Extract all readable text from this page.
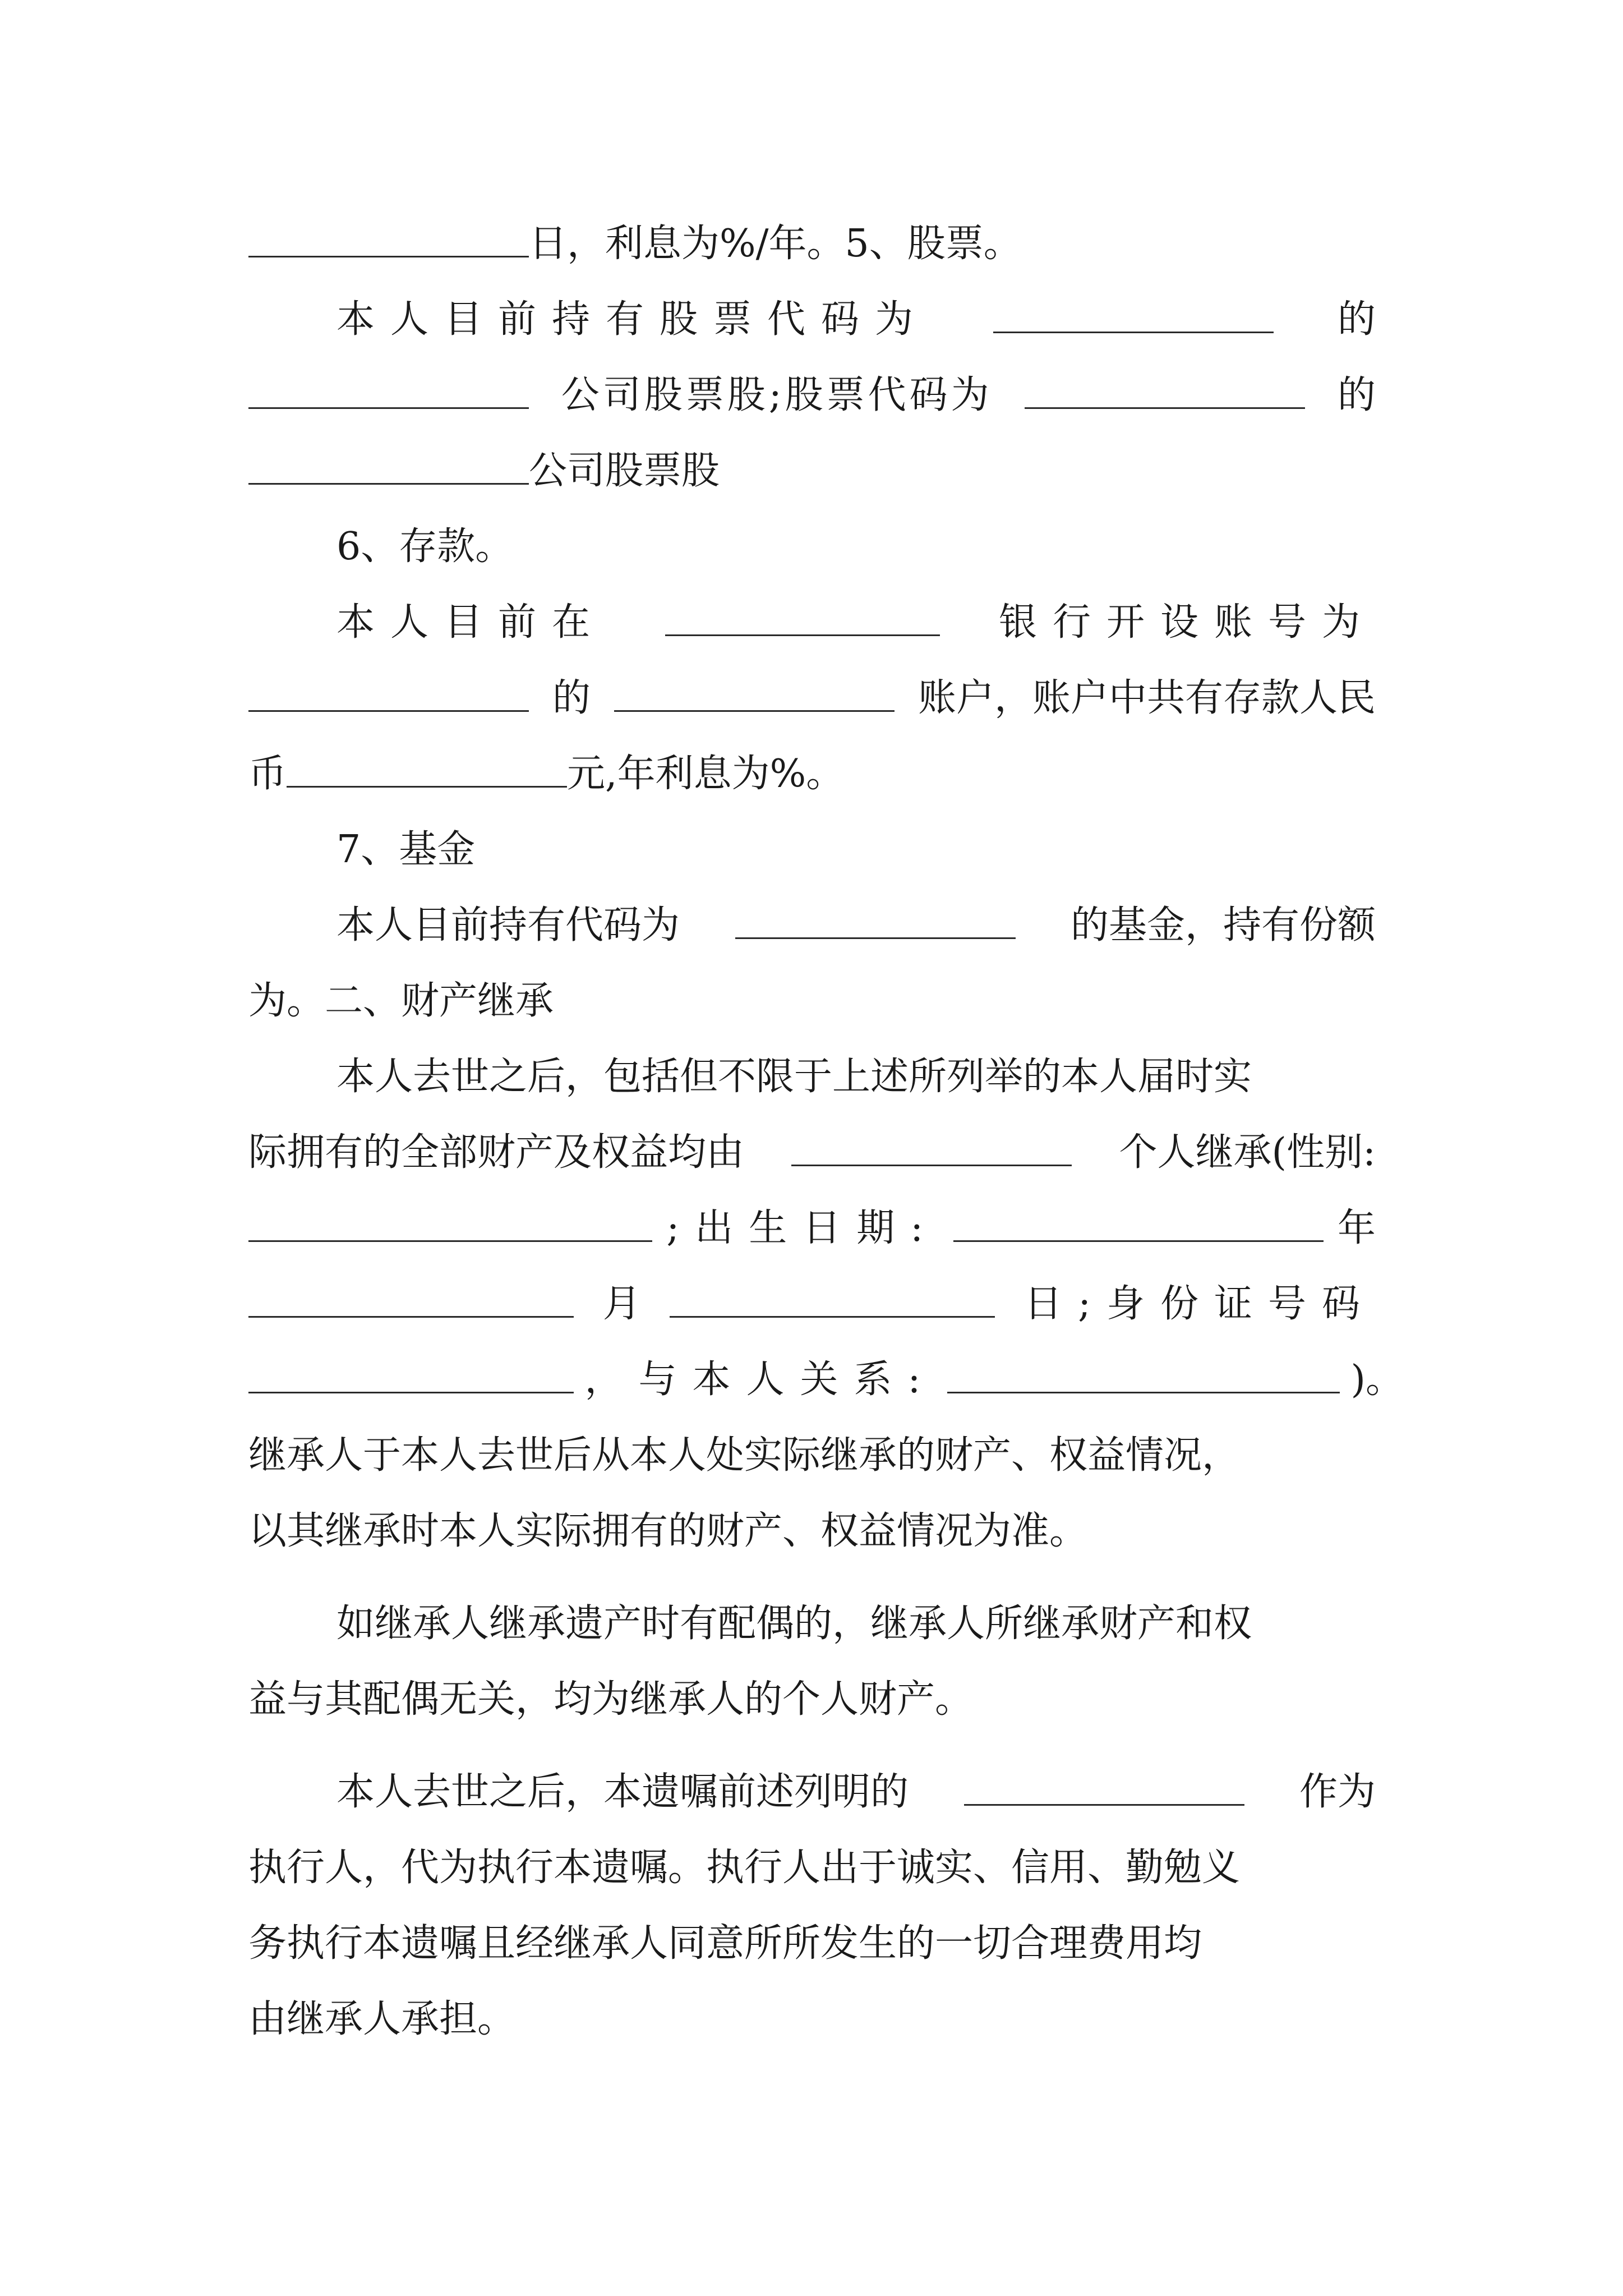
日，利息为%/年。5、股票。
本人目前持有股票代码为	的
公司股票股;股票代码为	的
公司股票股
6、存款。
本人目前在	银行开设账号为
的	账户，账户中共有存款人民
币	元,年利息为%。
7、基金
本人目前持有代码为	的基金，持有份额
为。二、财产继承
本人去世之后，包括但不限于上述所列举的本人届时实
际拥有的全部财产及权益均由	个人继承(性别:
;出生日期:	年
月	日;身份证号码
，与本人关系:	)。
继承人于本人去世后从本人处实际继承的财产、权益情况，
以其继承时本人实际拥有的财产、权益情况为准。
如继承人继承遗产时有配偶的，继承人所继承财产和权
益与其配偶无关，均为继承人的个人财产。
本人去世之后，本遗嘱前述列明的	作为
执行人，代为执行本遗嘱。执行人出于诚实、信用、勤勉义
务执行本遗嘱且经继承人同意所所发生的一切合理费用均
由继承人承担。
